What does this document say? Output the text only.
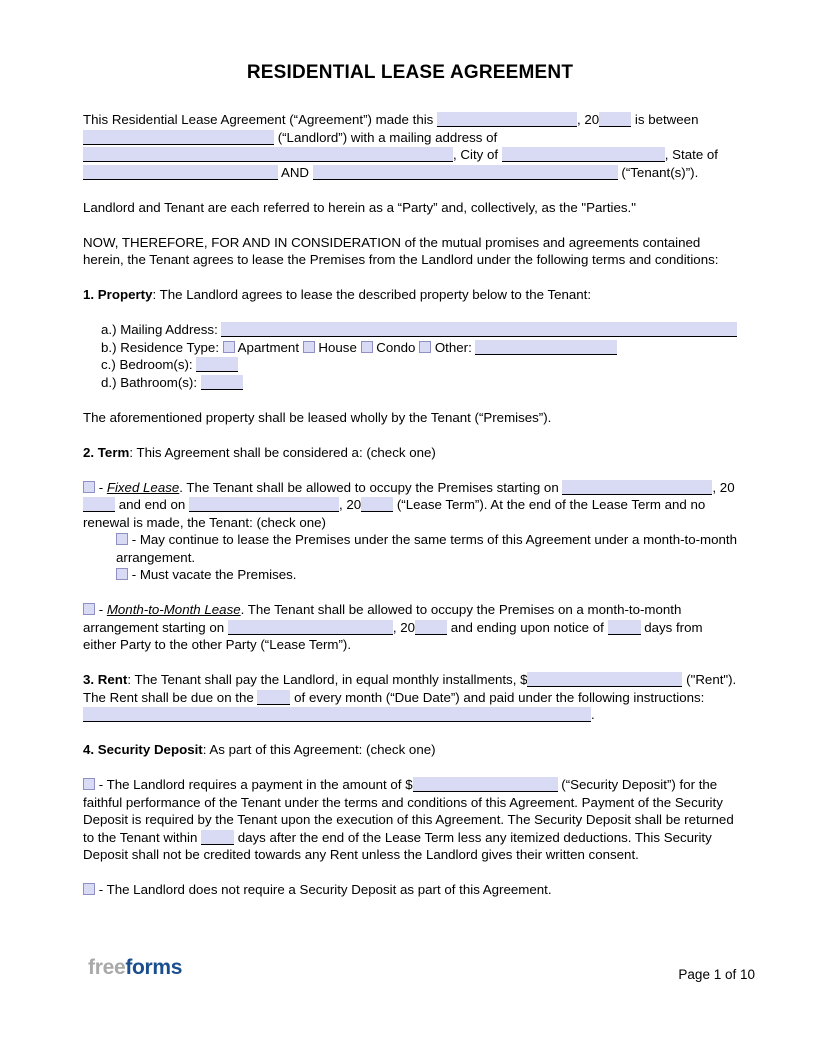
RESIDENTIAL LEASE AGREEMENT

This Residential Lease Agreement (“Agreement”) made this	, 20 is between  (“Landlord”) with a mailing address of , City of	, State of  AND	(“Tenant(s)”).

Landlord and Tenant are each referred to herein as a “Party” and, collectively, as the "Parties."

NOW, THEREFORE, FOR AND IN CONSIDERATION of the mutual promises and agreements contained herein, the Tenant agrees to lease the Premises from the Landlord under the following terms and conditions:

1. Property: The Landlord agrees to lease the described property below to the Tenant:

a.) Mailing Address:
b.) Residence Type:  Apartment  House  Condo  Other:
c.) Bedroom(s):
d.) Bathroom(s):

The aforementioned property shall be leased wholly by the Tenant (“Premises”).

2. Term: This Agreement shall be considered a: (check one)

- Fixed Lease. The Tenant shall be allowed to occupy the Premises starting on	, 20 and end on	, 20 (“Lease Term”). At the end of the Lease Term and no renewal is made, the Tenant: (check one)

- May continue to lease the Premises under the same terms of this Agreement under a month-to-month arrangement.

- Must vacate the Premises.

- Month-to-Month Lease. The Tenant shall be allowed to occupy the Premises on a month-to-month arrangement starting on	, 20 and ending upon notice of  days from either Party to the other Party (“Lease Term”).

3. Rent: The Tenant shall pay the Landlord, in equal monthly installments, $	("Rent"). The Rent shall be due on the  of every month (“Due Date”) and paid under the following instructions: .

4. Security Deposit: As part of this Agreement: (check one)

- The Landlord requires a payment in the amount of $	(“Security Deposit”) for the faithful performance of the Tenant under the terms and conditions of this Agreement. Payment of the Security Deposit is required by the Tenant upon the execution of this Agreement. The Security Deposit shall be returned to the Tenant within  days after the end of the Lease Term less any itemized deductions. This Security Deposit shall not be credited towards any Rent unless the Landlord gives their written consent.

- The Landlord does not require a Security Deposit as part of this Agreement.

freeforms	Page 1 of 10
